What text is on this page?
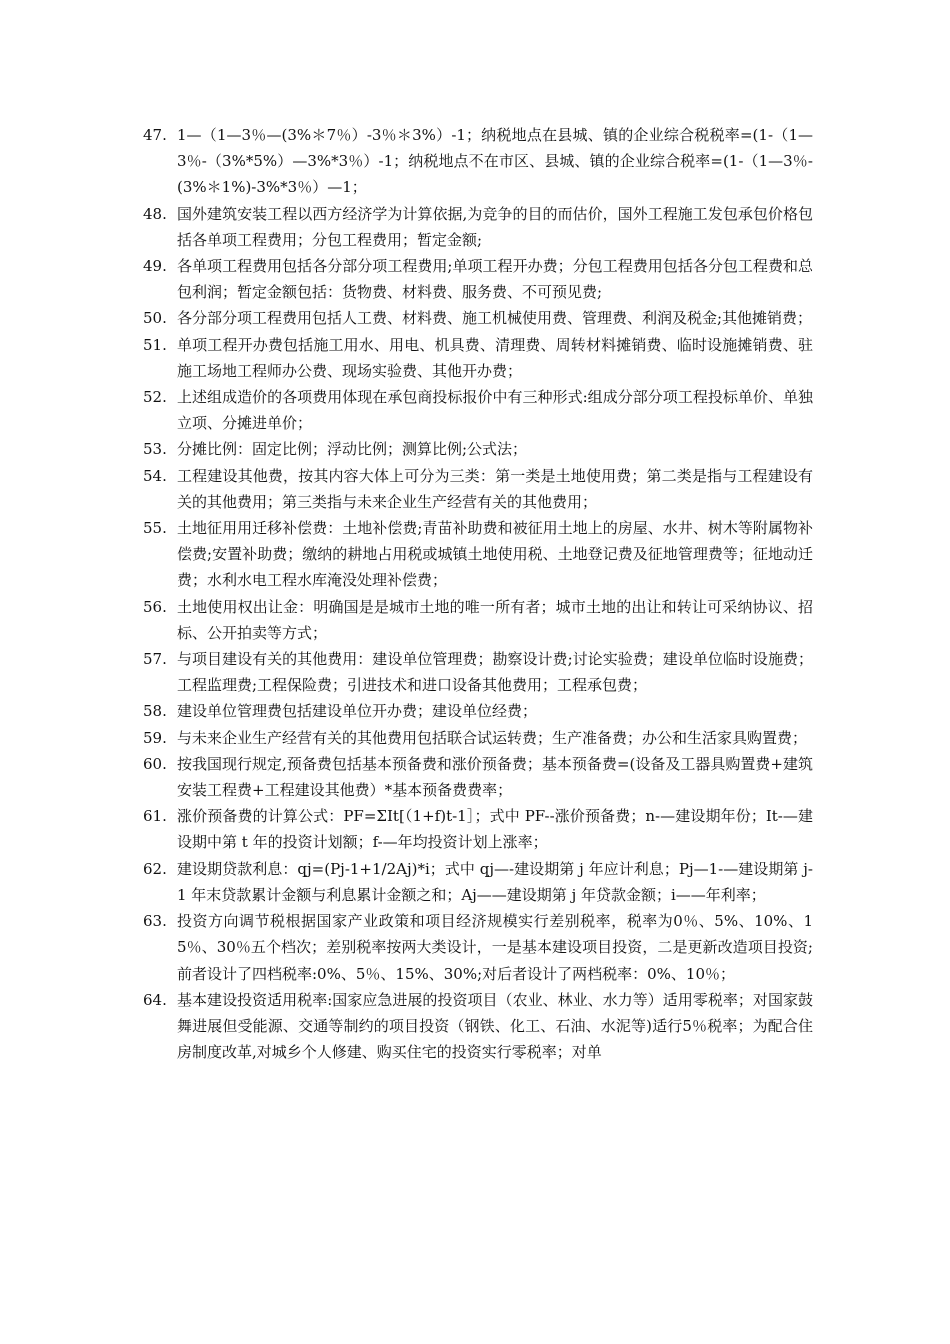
47. 1—（1—3％—(3%＊7％）-3％＊3%）-1；纳税地点在县城、镇的企业综合税税率=(1-（1—3％-（3%*5%）—3%*3％）-1；纳税地点不在市区、县城、镇的企业综合税率=(1-（1—3％-(3%＊1%)-3%*3％）—1；
48. 国外建筑安装工程以西方经济学为计算依据,为竞争的目的而估价，国外工程施工发包承包价格包括各单项工程费用；分包工程费用；暂定金额;
49. 各单项工程费用包括各分部分项工程费用;单项工程开办费；分包工程费用包括各分包工程费和总包利润；暂定金额包括：货物费、材料费、服务费、不可预见费;
50. 各分部分项工程费用包括人工费、材料费、施工机械使用费、管理费、利润及税金;其他摊销费；
51. 单项工程开办费包括施工用水、用电、机具费、清理费、周转材料摊销费、临时设施摊销费、驻施工场地工程师办公费、现场实验费、其他开办费；
52. 上述组成造价的各项费用体现在承包商投标报价中有三种形式:组成分部分项工程投标单价、单独立项、分摊进单价；
53. 分摊比例：固定比例；浮动比例；测算比例;公式法；
54. 工程建设其他费，按其内容大体上可分为三类：第一类是土地使用费；第二类是指与工程建设有关的其他费用；第三类指与未来企业生产经营有关的其他费用；
55. 土地征用用迁移补偿费：土地补偿费;青苗补助费和被征用土地上的房屋、水井、树木等附属物补偿费;安置补助费；缴纳的耕地占用税或城镇土地使用税、土地登记费及征地管理费等；征地动迁费；水利水电工程水库淹没处理补偿费；
56. 土地使用权出让金：明确国是是城市土地的唯一所有者；城市土地的出让和转让可采纳协议、招标、公开拍卖等方式；
57. 与项目建设有关的其他费用：建设单位管理费；勘察设计费;讨论实验费；建设单位临时设施费；工程监理费;工程保险费；引进技术和进口设备其他费用；工程承包费；
58. 建设单位管理费包括建设单位开办费；建设单位经费；
59. 与未来企业生产经营有关的其他费用包括联合试运转费；生产准备费；办公和生活家具购置费；
60. 按我国现行规定,预备费包括基本预备费和涨价预备费；基本预备费=(设备及工器具购置费+建筑安装工程费+工程建设其他费）*基本预备费费率；
61. 涨价预备费的计算公式：PF=ΣIt[（1+f)t-1］；式中 PF--涨价预备费；n-—建设期年份；It-—建设期中第 t 年的投资计划额；f-—年均投资计划上涨率；
62. 建设期贷款利息：qj=(Pj-1+1/2Aj)*i；式中 qj—-建设期第 j 年应计利息；Pj—1-—建设期第 j-1 年末贷款累计金额与利息累计金额之和；Aj——建设期第 j 年贷款金额；i——年利率；
63. 投资方向调节税根据国家产业政策和项目经济规模实行差别税率，税率为0％、5%、10%、15％、30％五个档次；差别税率按两大类设计，一是基本建设项目投资，二是更新改造项目投资;前者设计了四档税率:0%、5％、15%、30%;对后者设计了两档税率：0%、10％；
64. 基本建设投资适用税率:国家应急进展的投资项目（农业、林业、水力等）适用零税率；对国家鼓舞进展但受能源、交通等制约的项目投资（钢铁、化工、石油、水泥等)适行5％税率；为配合住房制度改革,对城乡个人修建、购买住宅的投资实行零税率；对单
